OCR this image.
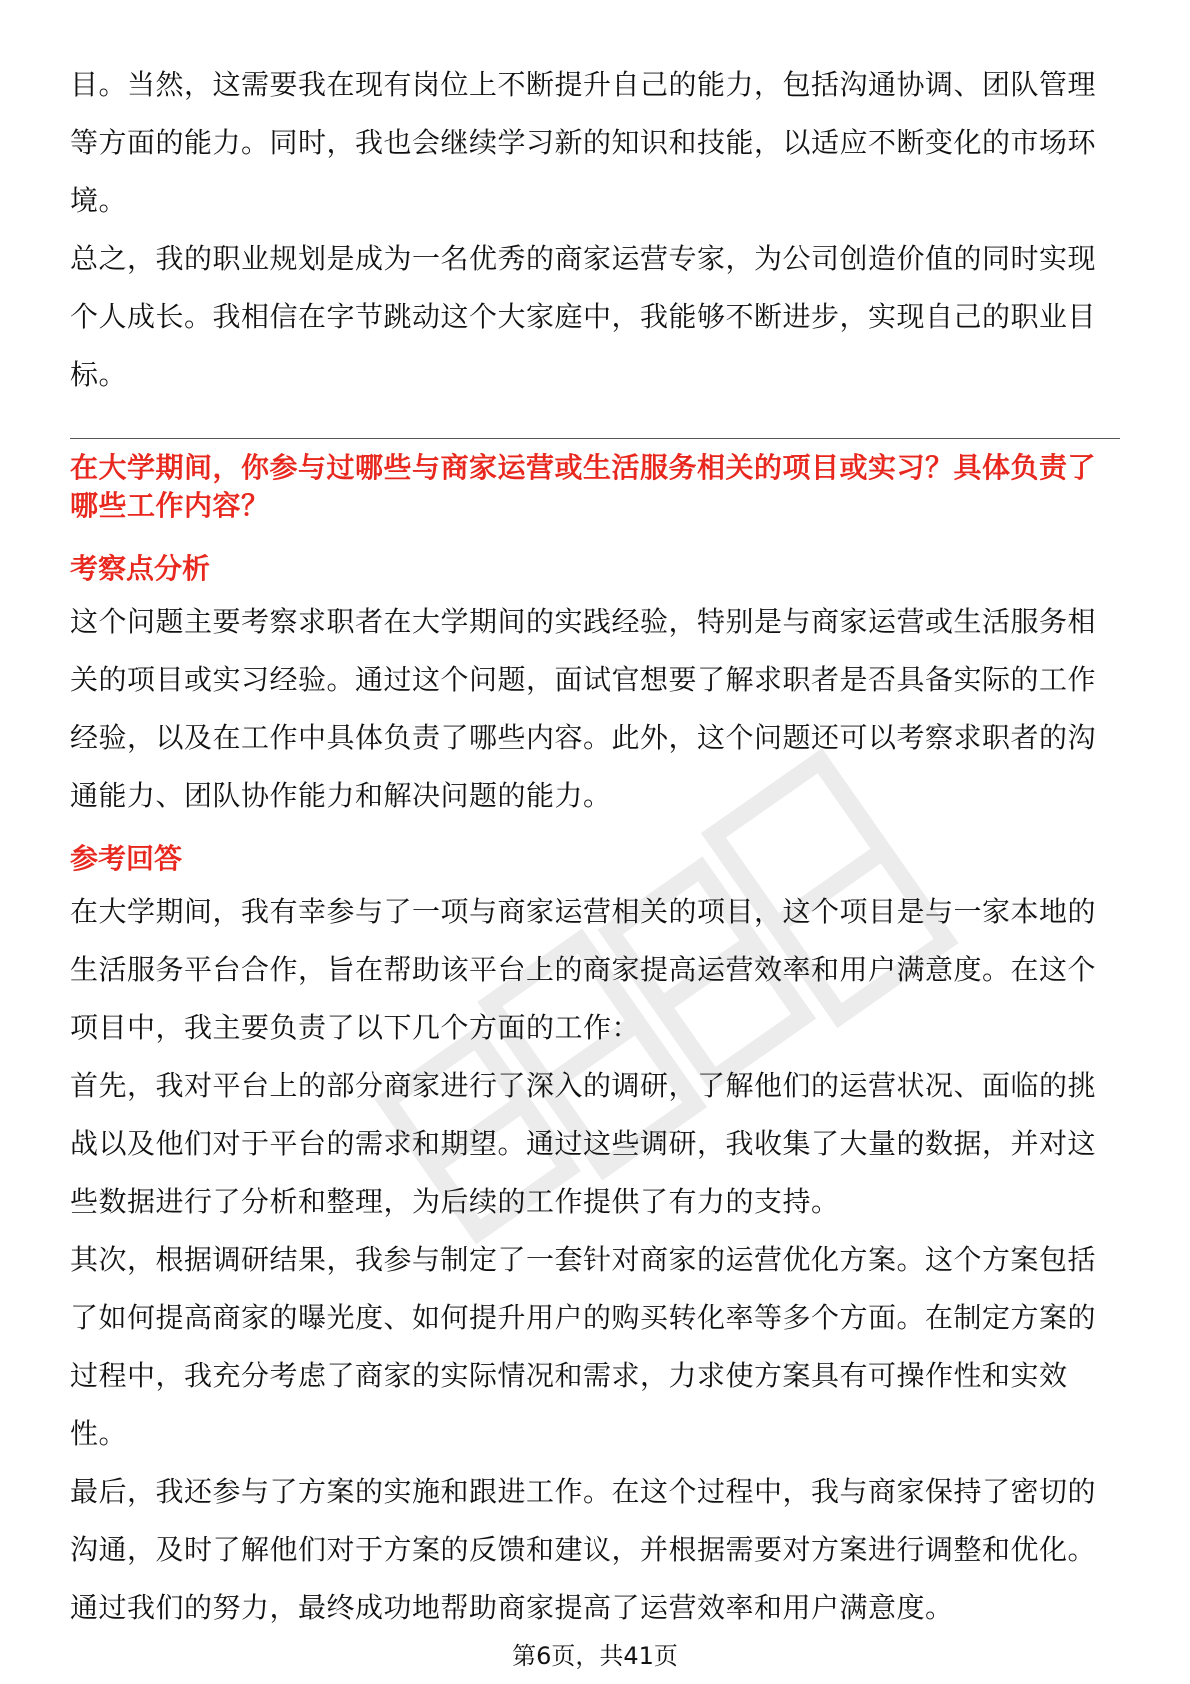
目。当然，这需要我在现有岗位上不断提升自己的能力，包括沟通协调、团队管理等方面的能力。同时，我也会继续学习新的知识和技能，以适应不断变化的市场环境。

总之，我的职业规划是成为一名优秀的商家运营专家，为公司创造价值的同时实现个人成长。我相信在字节跳动这个大家庭中，我能够不断进步，实现自己的职业目标。

在大学期间，你参与过哪些与商家运营或生活服务相关的项目或实习？具体负责了哪些工作内容？
考察点分析

这个问题主要考察求职者在大学期间的实践经验，特别是与商家运营或生活服务相关的项目或实习经验。通过这个问题，面试官想要了解求职者是否具备实际的工作经验，以及在工作中具体负责了哪些内容。此外，这个问题还可以考察求职者的沟通能力、团队协作能力和解决问题的能力。

参考回答

在大学期间，我有幸参与了一项与商家运营相关的项目，这个项目是与一家本地的生活服务平台合作，旨在帮助该平台上的商家提高运营效率和用户满意度。在这个项目中，我主要负责了以下几个方面的工作：

首先，我对平台上的部分商家进行了深入的调研，了解他们的运营状况、面临的挑战以及他们对于平台的需求和期望。通过这些调研，我收集了大量的数据，并对这些数据进行了分析和整理，为后续的工作提供了有力的支持。

其次，根据调研结果，我参与制定了一套针对商家的运营优化方案。这个方案包括了如何提高商家的曝光度、如何提升用户的购买转化率等多个方面。在制定方案的过程中，我充分考虑了商家的实际情况和需求，力求使方案具有可操作性和实效性。

最后，我还参与了方案的实施和跟进工作。在这个过程中，我与商家保持了密切的沟通，及时了解他们对于方案的反馈和建议，并根据需要对方案进行调整和优化。通过我们的努力，最终成功地帮助商家提高了运营效率和用户满意度。

第6页，共41页
